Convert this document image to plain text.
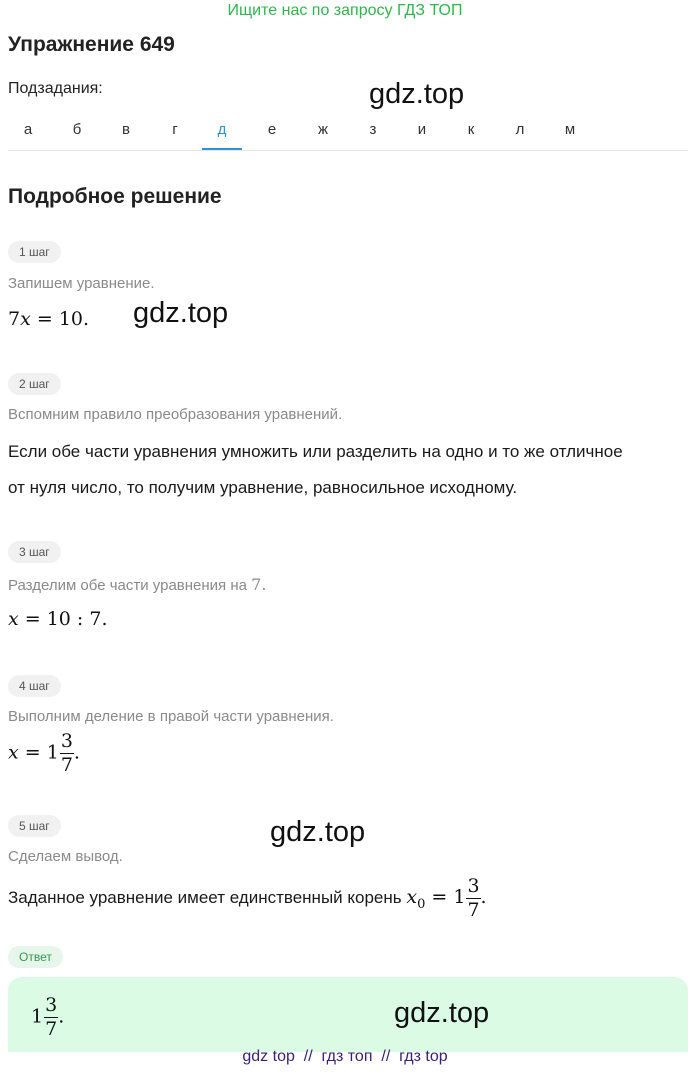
Ищите нас по запросу ГДЗ ТОП
Упражнение 649
Подзадания:	gdz.top
а	б	в	г	д	е	ж	з	и	к	л	м
Подробное решение
1 шаг
Запишем уравнение.
7x = 10. gdz.top
2 шаг
Вспомним правило преобразования уравнений.
Если обе части уравнения умножить или разделить на одно и то же отличное
от нуля число, то получим уравнение, равносильное исходному.
3 шаг
Разделим обе части уравнения на 7.
x = 10 : 7.
4 шаг
Выполним деление в правой части уравнения.
$x = 1 \frac{3}{7}$ .
5 шаг	gdz.top
Сделаем вывод.
Заданное уравнение имеет единственный корень $x_0 = 1 \frac{3}{7}$ .
Ответ
$1 \frac{3}{7}$ .	gdz.top
gdz top  //  гдз топ  //  гдз top
